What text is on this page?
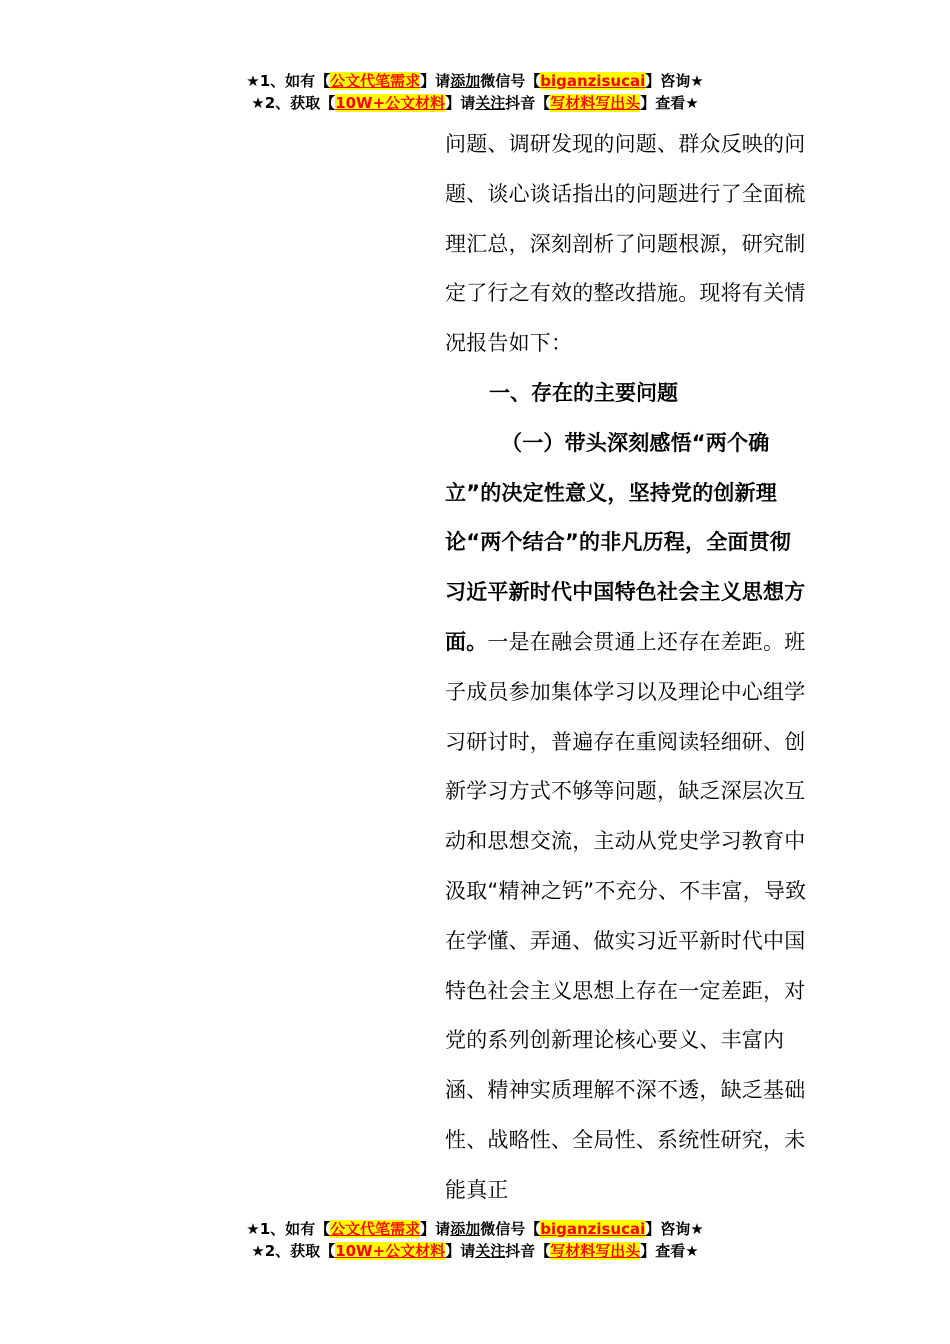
★1、如有【公文代笔需求】请添加微信号【biganzisucai】咨询★
★2、获取【10W+公文材料】请关注抖音【写材料写出头】查看★

问题、调研发现的问题、群众反映的问题、谈心谈话指出的问题进行了全面梳理汇总，深刻剖析了问题根源，研究制定了行之有效的整改措施。现将有关情况报告如下：

一、存在的主要问题

（一）带头深刻感悟“两个确立”的决定性意义，坚持党的创新理论“两个结合”的非凡历程，全面贯彻习近平新时代中国特色社会主义思想方面。一是在融会贯通上还存在差距。班子成员参加集体学习以及理论中心组学习研讨时，普遍存在重阅读轻细研、创新学习方式不够等问题，缺乏深层次互动和思想交流，主动从党史学习教育中汲取“精神之钙”不充分、不丰富，导致在学懂、弄通、做实习近平新时代中国特色社会主义思想上存在一定差距，对党的系列创新理论核心要义、丰富内涵、精神实质理解不深不透，缺乏基础性、战略性、全局性、系统性研究，未能真正

★1、如有【公文代笔需求】请添加微信号【biganzisucai】咨询★
★2、获取【10W+公文材料】请关注抖音【写材料写出头】查看★
